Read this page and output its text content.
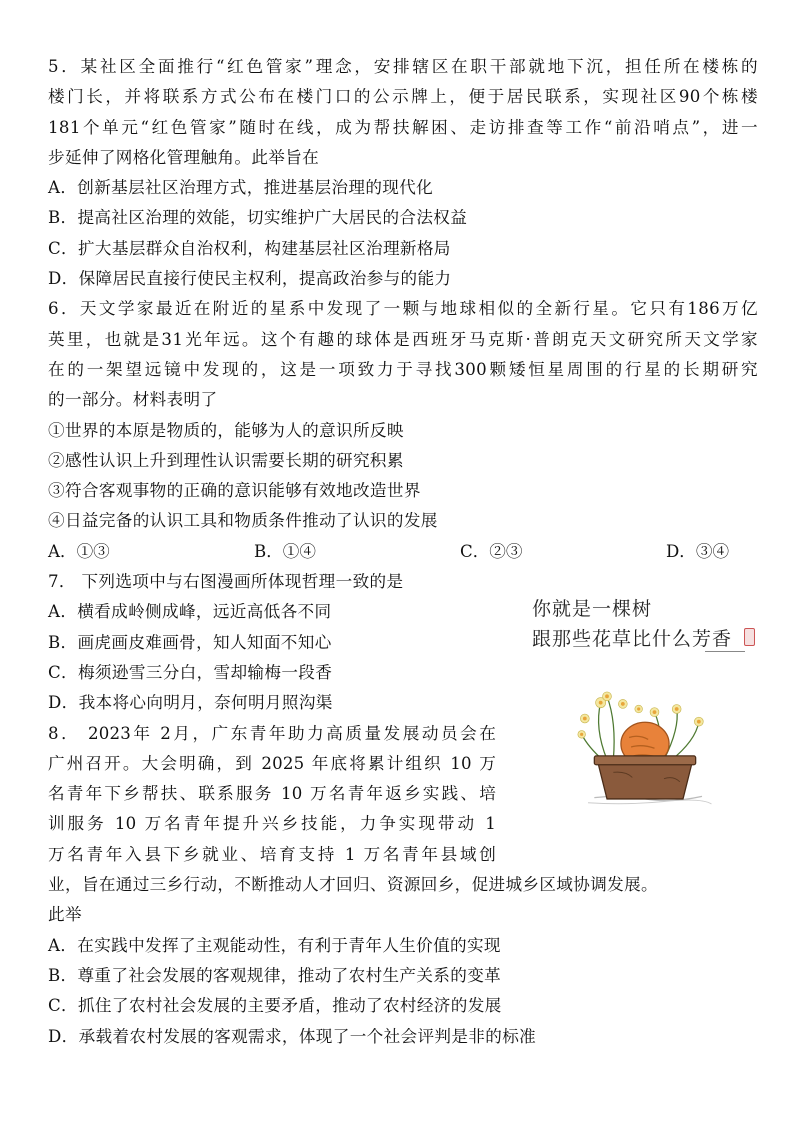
5．某社区全面推行“红色管家”理念，安排辖区在职干部就地下沉，担任所在楼栋的
楼门长，并将联系方式公布在楼门口的公示牌上，便于居民联系，实现社区90个栋楼
181个单元“红色管家”随时在线，成为帮扶解困、走访排查等工作“前沿哨点”，进一
步延伸了网格化管理触角。此举旨在
A．创新基层社区治理方式，推进基层治理的现代化
B．提高社区治理的效能，切实维护广大居民的合法权益
C．扩大基层群众自治权利，构建基层社区治理新格局
D．保障居民直接行使民主权利，提高政治参与的能力
6．天文学家最近在附近的星系中发现了一颗与地球相似的全新行星。它只有186万亿
英里，也就是31光年远。这个有趣的球体是西班牙马克斯·普朗克天文研究所天文学家
在的一架望远镜中发现的，这是一项致力于寻找300颗矮恒星周围的行星的长期研究
的一部分。材料表明了
①世界的本原是物质的，能够为人的意识所反映
②感性认识上升到理性认识需要长期的研究积累
③符合客观事物的正确的意识能够有效地改造世界
④日益完备的认识工具和物质条件推动了认识的发展
A．①③	B．①④	C．②③	D．③④
7． 下列选项中与右图漫画所体现哲理一致的是
A．横看成岭侧成峰，远近高低各不同
B．画虎画皮难画骨，知人知面不知心
C．梅须逊雪三分白，雪却输梅一段香
D．我本将心向明月，奈何明月照沟渠
8． 2023年 2月，广东青年助力高质量发展动员会在
广州召开。大会明确，到 2025 年底将累计组织 10 万
名青年下乡帮扶、联系服务 10 万名青年返乡实践、培
训服务 10 万名青年提升兴乡技能，力争实现带动 1
万名青年入县下乡就业、培育支持 1 万名青年县域创
业，旨在通过三乡行动，不断推动人才回归、资源回乡，促进城乡区域协调发展。
此举
A．在实践中发挥了主观能动性，有利于青年人生价值的实现
B．尊重了社会发展的客观规律，推动了农村生产关系的变革
C．抓住了农村社会发展的主要矛盾，推动了农村经济的发展
D．承载着农村发展的客观需求，体现了一个社会评判是非的标准
你就是一棵树
跟那些花草比什么芳香
